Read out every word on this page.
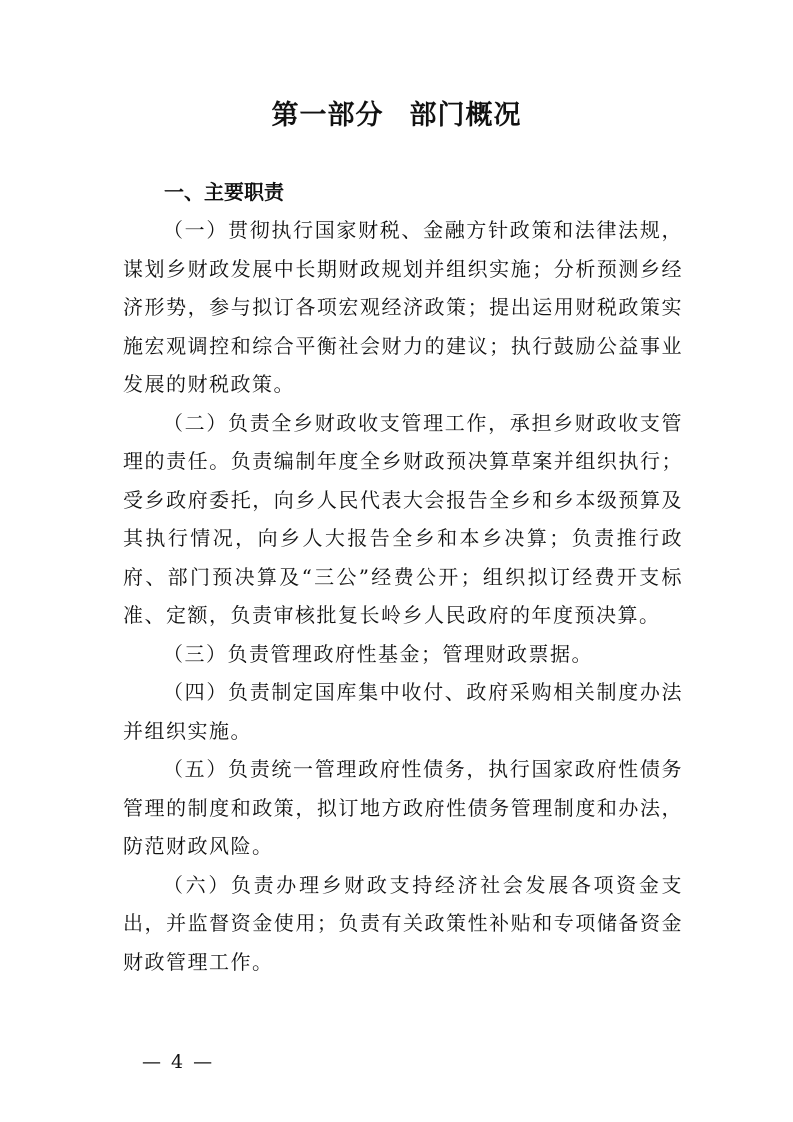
第一部分 部门概况
一、主要职责

（一）贯彻执行国家财税、金融方针政策和法律法规，谋划乡财政发展中长期财政规划并组织实施；分析预测乡经济形势，参与拟订各项宏观经济政策；提出运用财税政策实施宏观调控和综合平衡社会财力的建议；执行鼓励公益事业发展的财税政策。

（二）负责全乡财政收支管理工作，承担乡财政收支管理的责任。负责编制年度全乡财政预决算草案并组织执行；受乡政府委托，向乡人民代表大会报告全乡和乡本级预算及其执行情况，向乡人大报告全乡和本乡决算；负责推行政府、部门预决算及“三公”经费公开；组织拟订经费开支标准、定额，负责审核批复长岭乡人民政府的年度预决算。

（三）负责管理政府性基金；管理财政票据。

（四）负责制定国库集中收付、政府采购相关制度办法并组织实施。

（五）负责统一管理政府性债务，执行国家政府性债务管理的制度和政策，拟订地方政府性债务管理制度和办法，防范财政风险。

（六）负责办理乡财政支持经济社会发展各项资金支出，并监督资金使用；负责有关政策性补贴和专项储备资金财政管理工作。

— 4 —
